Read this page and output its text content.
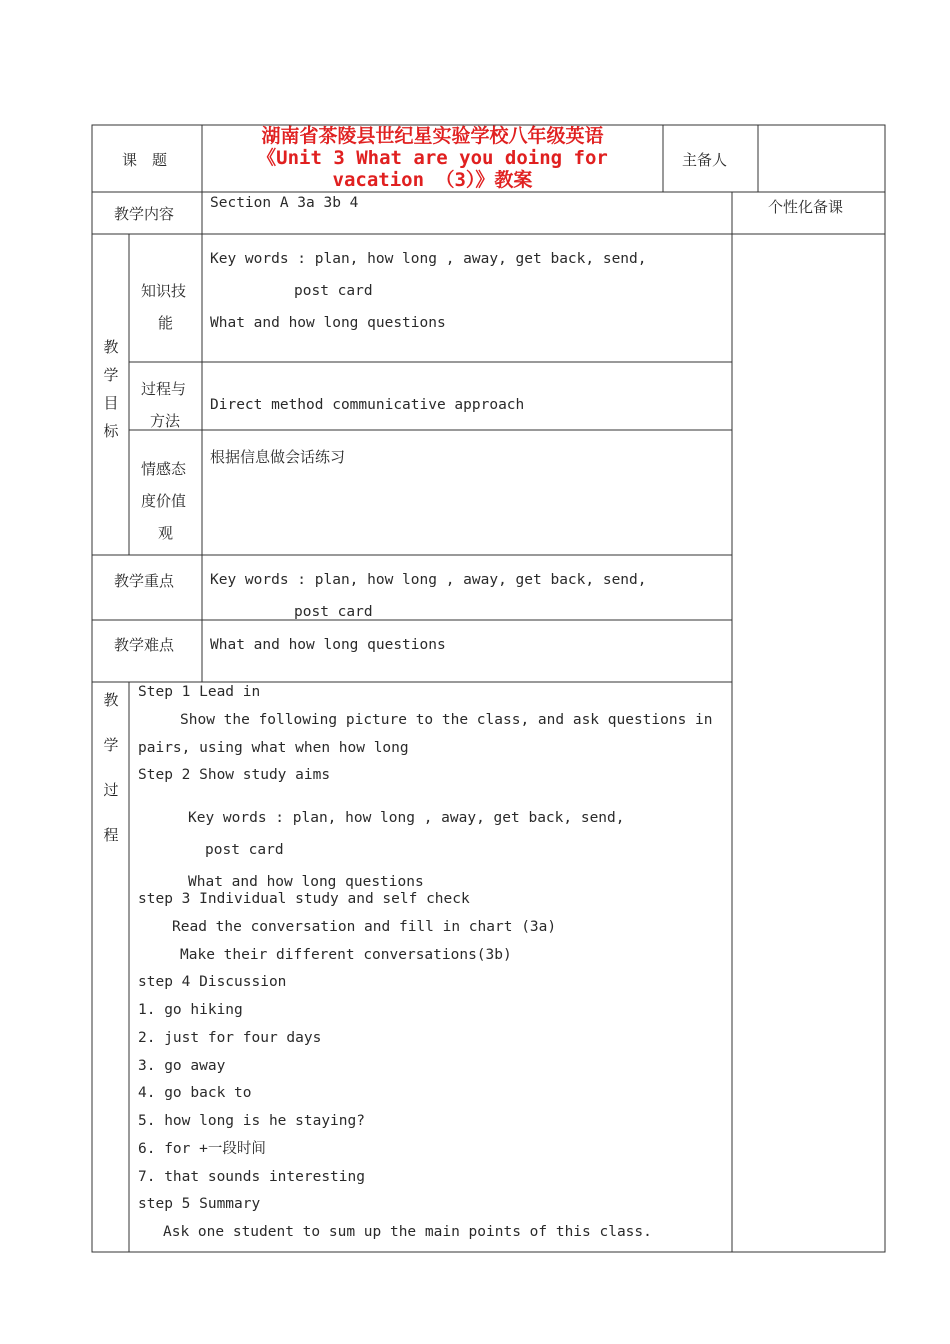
课　题
湖南省茶陵县世纪星实验学校八年级英语
《Unit 3 What are you doing for
vacation （3）》教案
主备人
教学内容
Section A 3a 3b 4	个性化备课
教
学
目
标
知识技
能
Key words : plan, how long , away, get back, send,
post card
What and how long questions
过程与
方法
Direct method communicative approach
情感态
度价值
观
根据信息做会话练习
教学重点 Key words : plan, how long , away, get back, send,
post card
教学难点 What and how long questions
教
学
过
程
Step 1 Lead in
Show the following picture to the class, and ask questions in
pairs, using what when how long
Step 2 Show study aims
Key words : plan, how long , away, get back, send,
post card
What and how long questions
step 3 Individual study and self check
Read the conversation and fill in chart (3a)
Make their different conversations(3b)
step 4 Discussion
1. go hiking
2. just for four days
3. go away
4. go back to
5. how long is he staying?
6. for +一段时间
7. that sounds interesting
step 5 Summary
Ask one student to sum up the main points of this class.
